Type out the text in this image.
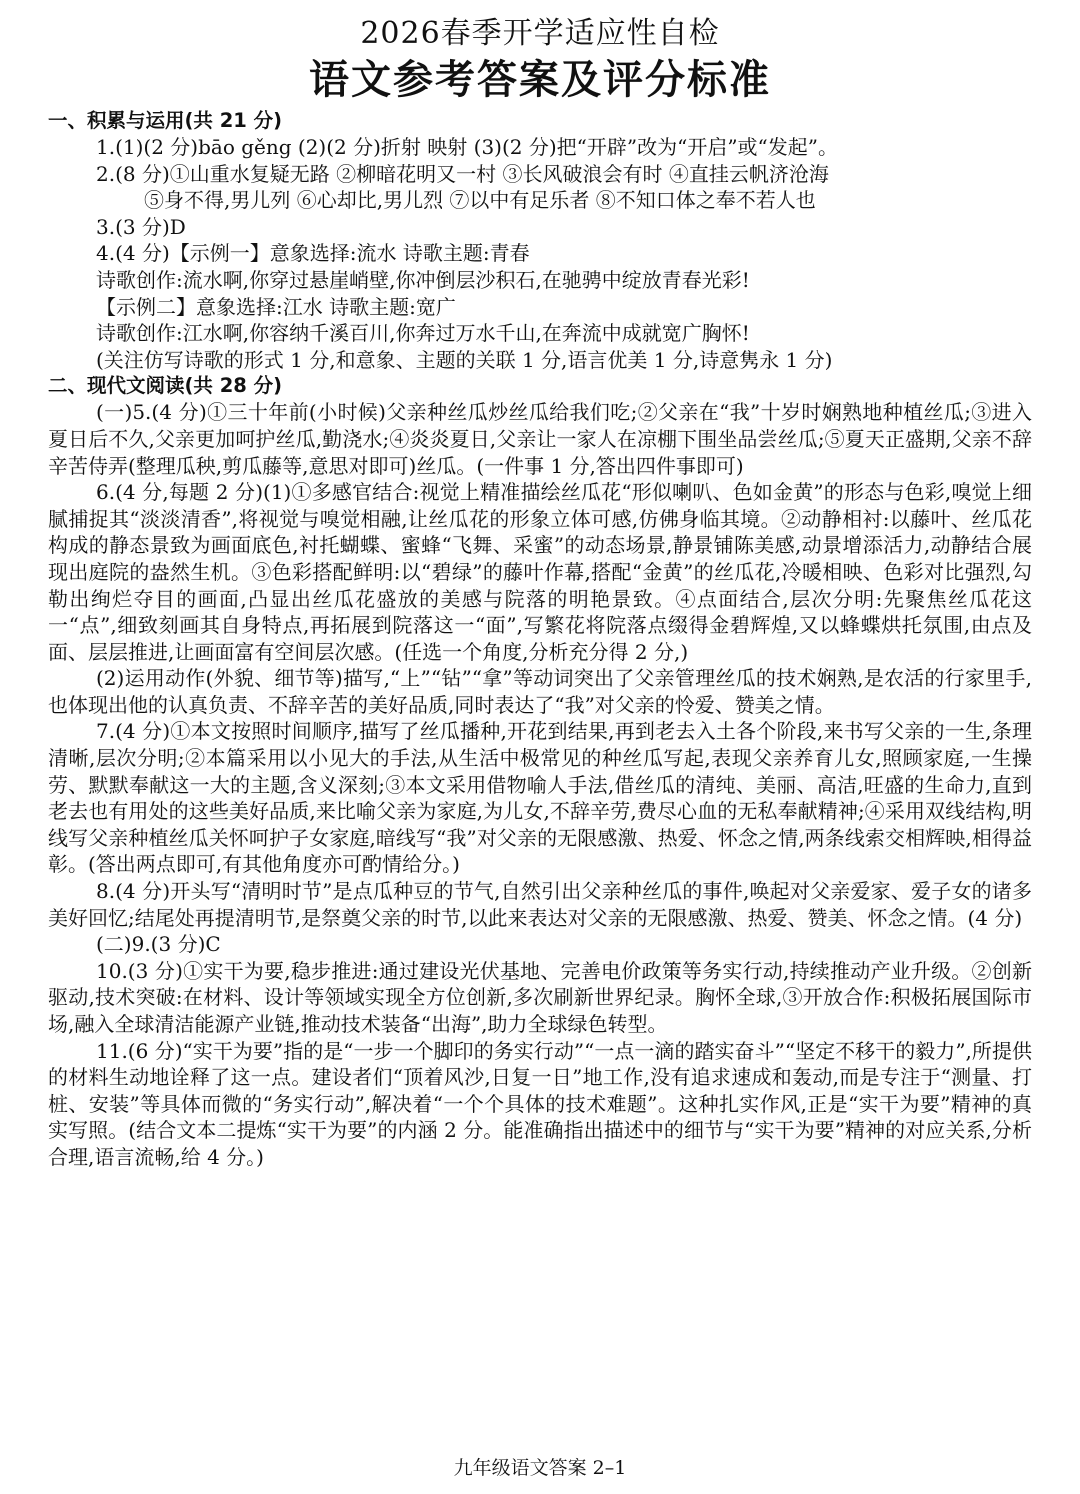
2026春季开学适应性自检
语文参考答案及评分标准
一、积累与运用(共 21 分)
1.(1)(2 分)bāo gěng (2)(2 分)折射 映射 (3)(2 分)把“开辟”改为“开启”或“发起”。
2.(8 分)①山重水复疑无路 ②柳暗花明又一村 ③长风破浪会有时 ④直挂云帆济沧海
⑤身不得,男儿列 ⑥心却比,男儿烈 ⑦以中有足乐者 ⑧不知口体之奉不若人也
3.(3 分)D
4.(4 分)【示例一】意象选择:流水 诗歌主题:青春
诗歌创作:流水啊,你穿过悬崖峭壁,你冲倒层沙积石,在驰骋中绽放青春光彩!
【示例二】意象选择:江水 诗歌主题:宽广
诗歌创作:江水啊,你容纳千溪百川,你奔过万水千山,在奔流中成就宽广胸怀!
(关注仿写诗歌的形式 1 分,和意象、主题的关联 1 分,语言优美 1 分,诗意隽永 1 分)
二、现代文阅读(共 28 分)
(一)5.(4 分)①三十年前(小时候)父亲种丝瓜炒丝瓜给我们吃;②父亲在“我”十岁时娴熟地种植丝瓜;③进入夏日后不久,父亲更加呵护丝瓜,勤浇水;④炎炎夏日,父亲让一家人在凉棚下围坐品尝丝瓜;⑤夏天正盛期,父亲不辞辛苦侍弄(整理瓜秧,剪瓜藤等,意思对即可)丝瓜。(一件事 1 分,答出四件事即可)
6.(4 分,每题 2 分)(1)①多感官结合:视觉上精准描绘丝瓜花“形似喇叭、色如金黄”的形态与色彩,嗅觉上细腻捕捉其“淡淡清香”,将视觉与嗅觉相融,让丝瓜花的形象立体可感,仿佛身临其境。②动静相衬:以藤叶、丝瓜花构成的静态景致为画面底色,衬托蝴蝶、蜜蜂“飞舞、采蜜”的动态场景,静景铺陈美感,动景增添活力,动静结合展现出庭院的盎然生机。③色彩搭配鲜明:以“碧绿”的藤叶作幕,搭配“金黄”的丝瓜花,冷暖相映、色彩对比强烈,勾勒出绚烂夺目的画面,凸显出丝瓜花盛放的美感与院落的明艳景致。④点面结合,层次分明:先聚焦丝瓜花这一“点”,细致刻画其自身特点,再拓展到院落这一“面”,写繁花将院落点缀得金碧辉煌,又以蜂蝶烘托氛围,由点及面、层层推进,让画面富有空间层次感。(任选一个角度,分析充分得 2 分,)
(2)运用动作(外貌、细节等)描写,“上”“钻”“拿”等动词突出了父亲管理丝瓜的技术娴熟,是农活的行家里手,也体现出他的认真负责、不辞辛苦的美好品质,同时表达了“我”对父亲的怜爱、赞美之情。
7.(4 分)①本文按照时间顺序,描写了丝瓜播种,开花到结果,再到老去入土各个阶段,来书写父亲的一生,条理清晰,层次分明;②本篇采用以小见大的手法,从生活中极常见的种丝瓜写起,表现父亲养育儿女,照顾家庭,一生操劳、默默奉献这一大的主题,含义深刻;③本文采用借物喻人手法,借丝瓜的清纯、美丽、高洁,旺盛的生命力,直到老去也有用处的这些美好品质,来比喻父亲为家庭,为儿女,不辞辛劳,费尽心血的无私奉献精神;④采用双线结构,明线写父亲种植丝瓜关怀呵护子女家庭,暗线写“我”对父亲的无限感激、热爱、怀念之情,两条线索交相辉映,相得益彰。(答出两点即可,有其他角度亦可酌情给分。)
8.(4 分)开头写“清明时节”是点瓜种豆的节气,自然引出父亲种丝瓜的事件,唤起对父亲爱家、爱子女的诸多美好回忆;结尾处再提清明节,是祭奠父亲的时节,以此来表达对父亲的无限感激、热爱、赞美、怀念之情。(4 分)
(二)9.(3 分)C
10.(3 分)①实干为要,稳步推进:通过建设光伏基地、完善电价政策等务实行动,持续推动产业升级。②创新驱动,技术突破:在材料、设计等领域实现全方位创新,多次刷新世界纪录。胸怀全球,③开放合作:积极拓展国际市场,融入全球清洁能源产业链,推动技术装备“出海”,助力全球绿色转型。
11.(6 分)“实干为要”指的是“一步一个脚印的务实行动”“一点一滴的踏实奋斗”“坚定不移干的毅力”,所提供的材料生动地诠释了这一点。建设者们“顶着风沙,日复一日”地工作,没有追求速成和轰动,而是专注于“测量、打桩、安装”等具体而微的“务实行动”,解决着“一个个具体的技术难题”。这种扎实作风,正是“实干为要”精神的真实写照。(结合文本二提炼“实干为要”的内涵 2 分。能准确指出描述中的细节与“实干为要”精神的对应关系,分析合理,语言流畅,给 4 分。)
九年级语文答案 2–1
